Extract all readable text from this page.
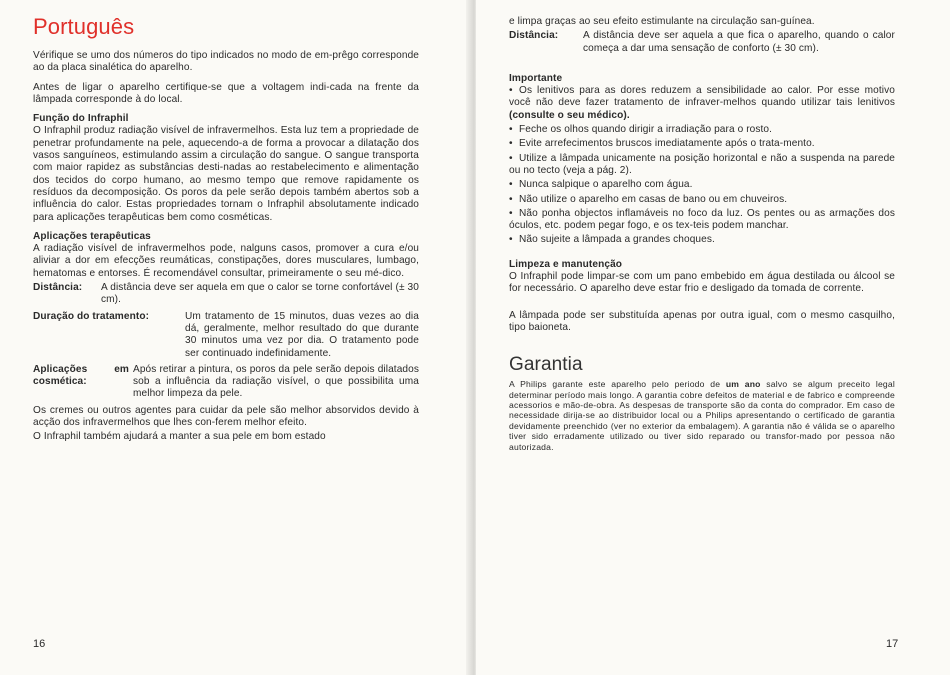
Português

Vérifique se umo dos números do tipo indicados no modo de em-prêgo corresponde ao da placa sinalética do aparelho.

Antes de ligar o aparelho certifique-se que a voltagem indi-cada na frente da lâmpada corresponde à do local.

Função do Infraphil

O Infraphil produz radiação visível de infravermelhos. Esta luz tem a propriedade de penetrar profundamente na pele, aquecendo-a de forma a provocar a dilatação dos vasos sanguíneos, estimulando assim a circulação do sangue. O sangue transporta com maior rapidez as substâncias desti-nadas ao restabelecimento e alimentação dos tecidos do corpo humano, ao mesmo tempo que remove rapidamente os resíduos da decomposição. Os poros da pele serão depois também abertos sob a influência do calor. Estas propriedades tornam o Infraphil absolutamente indicado para aplicações terapêuticas bem como cosméticas.

Aplicações terapêuticas

A radiação visível de infravermelhos pode, nalguns casos, promover a cura e/ou aliviar a dor em efecções reumáticas, constipações, dores musculares, lumbago, hematomas e entorses. É recomendável consultar, primeiramente o seu mé-dico.

Distância:	A distância deve ser aquela em que o calor se torne confortável (± 30 cm).
Duração do tratamento:	Um tratamento de 15 minutos, duas vezes ao dia dá, geralmente, melhor resultado do que durante 30 minutos uma vez por dia. O tratamento pode ser continuado indefinidamente.
Aplicações em cosmética:
Após retirar a pintura, os poros da pele serão depois dilatados sob a influência da radiação visível, o que possibilita uma melhor limpeza da pele.

Os cremes ou outros agentes para cuidar da pele são melhor absorvidos devido à acção dos infravermelhos que lhes con-ferem melhor efeito.

O Infraphil também ajudará a manter a sua pele em bom estado

16

e limpa graças ao seu efeito estimulante na circulação san-guínea.

Distância:	A distância deve ser aquela a que fica o aparelho, quando o calor começa a dar uma sensação de conforto (± 30 cm).
Importante
• Os lenitivos para as dores reduzem a sensibilidade ao calor. Por esse motivo você não deve fazer tratamento de infraver-melhos quando utilizar tais lenitivos (consulte o seu médico).
• Feche os olhos quando dirigir a irradiação para o rosto.
• Evite arrefecimentos bruscos imediatamente após o trata-mento.
• Utilize a lâmpada unicamente na posição horizontal e não a suspenda na parede ou no tecto (veja a pág. 2).
• Nunca salpique o aparelho com água.
• Não utilize o aparelho em casas de bano ou em chuveiros.
• Não ponha objectos inflamáveis no foco da luz. Os pentes ou as armações dos óculos, etc. podem pegar fogo, e os tex-teis podem manchar.
• Não sujeite a lâmpada a grandes choques.
Limpeza e manutenção

O Infraphil pode limpar-se com um pano embebido em água destilada ou álcool se for necessário. O aparelho deve estar frio e desligado da tomada de corrente.

A lâmpada pode ser substituída apenas por outra igual, com o mesmo casquilho, tipo baioneta.

Garantia

A Philips garante este aparelho pelo periodo de um ano salvo se algum preceito legal determinar período mais longo. A garantia cobre defeitos de material e de fabrico e compreende acessorios e mão-de-obra. As despesas de transporte são da conta do comprador. Em caso de necessidade dirija-se ao distribuidor local ou a Philips apresentando o certificado de garantia devidamente preenchido (ver no exterior da embalagem). A garantia não é válida se o aparelho tiver sido erradamente utilizado ou tiver sido reparado ou transfor-mado por pessoa não autorizada.

17
